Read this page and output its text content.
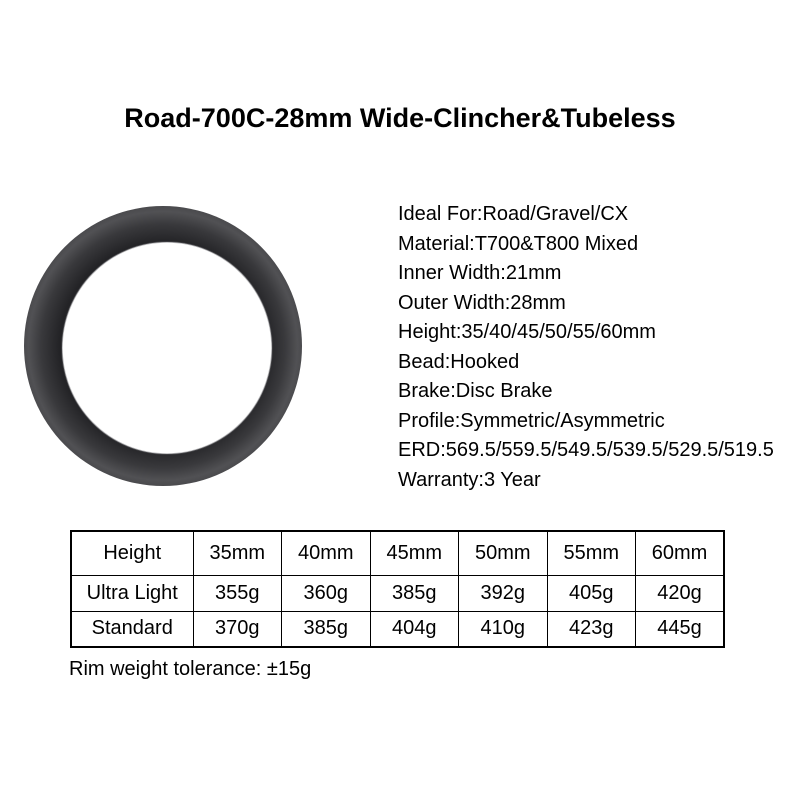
Road-700C-28mm Wide-Clincher&Tubeless
Ideal For:Road/Gravel/CX
Material:T700&T800 Mixed
Inner Width:21mm
Outer Width:28mm
Height:35/40/45/50/55/60mm
Bead:Hooked
Brake:Disc Brake
Profile:Symmetric/Asymmetric
ERD:569.5/559.5/549.5/539.5/529.5/519.5
Warranty:3 Year
Height	35mm	40mm	45mm	50mm	55mm	60mm
Ultra Light	355g	360g	385g	392g	405g	420g
Standard	370g	385g	404g	410g	423g	445g
Rim weight tolerance: ±15g
